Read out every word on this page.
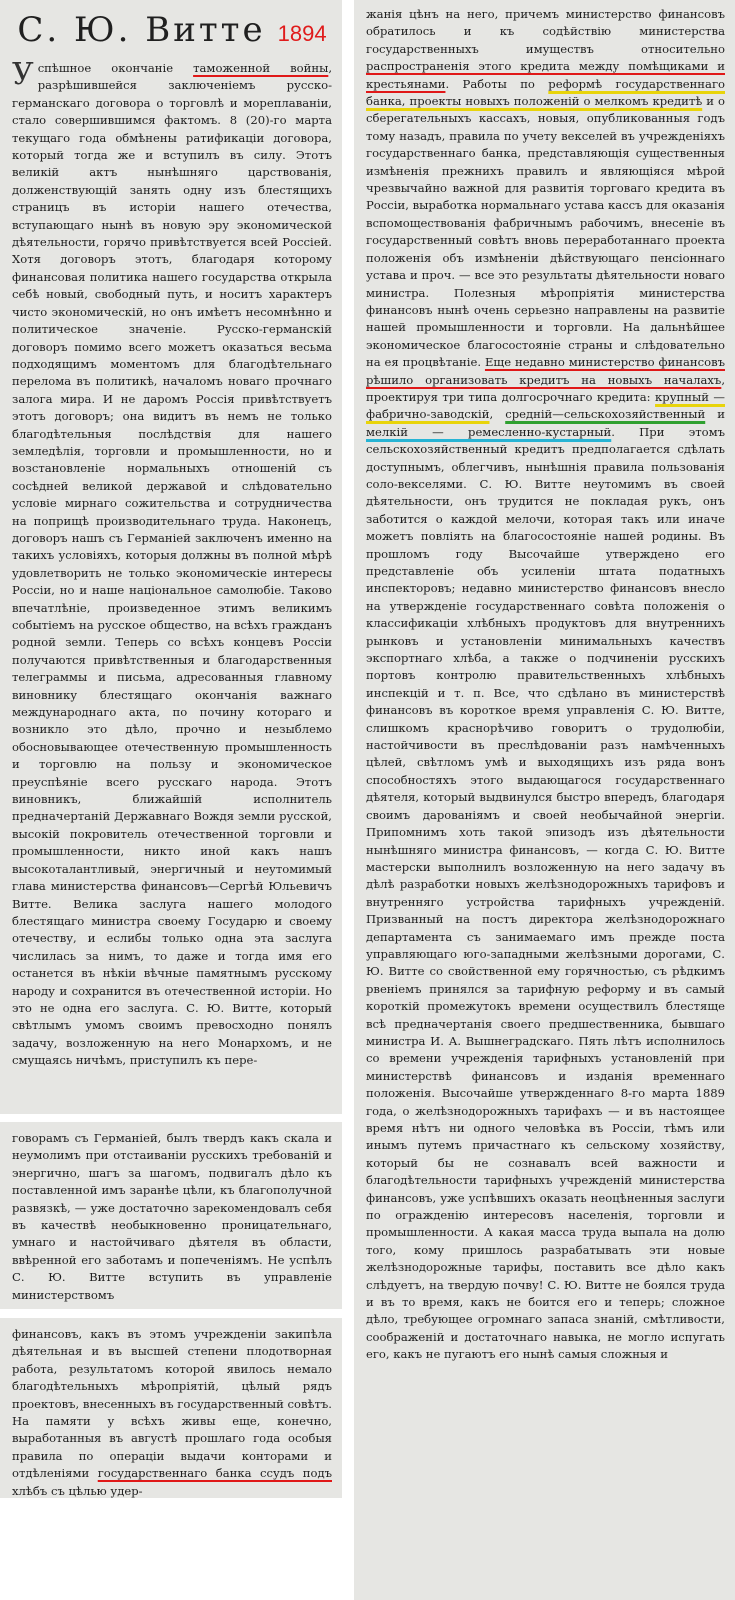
С. Ю. Витте 1894

Успѣшное окончаніе таможенной войны, разрѣшившейся заключеніемъ русско-германскаго договора о торговлѣ и мореплаваніи, стало совершившимся фактомъ. 8 (20)-го марта текущаго года обмѣнены ратификаціи договора, который тогда же и вступилъ въ силу. Этотъ великій актъ нынѣшняго царствованія, долженствующій занять одну изъ блестящихъ страницъ въ исторіи нашего отечества, вступающаго нынѣ въ новую эру экономической дѣятельности, горячо привѣтствуется всей Россіей. Хотя договоръ этотъ, благодаря которому финансовая политика нашего государства открыла себѣ новый, свободный путь, и носитъ характеръ чисто экономическій, но онъ имѣетъ несомнѣнно и политическое значеніе. Русско-германскій договоръ помимо всего можетъ оказаться весьма подходящимъ моментомъ для благодѣтельнаго перелома въ политикѣ, началомъ новаго прочнаго залога мира. И не даромъ Россія привѣтствуетъ этотъ договоръ; она видитъ въ немъ не только благодѣтельныя послѣдствія для нашего земледѣлія, торговли и промышленности, но и возстановленіе нормальныхъ отношеній съ сосѣдней великой державой и слѣдовательно условіе мирнаго сожительства и сотрудничества на поприщѣ производительнаго труда. Наконецъ, договоръ нашъ съ Германіей заключенъ именно на такихъ условіяхъ, которыя должны въ полной мѣрѣ удовлетворить не только экономическіе интересы Россіи, но и наше національное самолюбіе. Таково впечатлѣніе, произведенное этимъ великимъ событіемъ на русское общество, на всѣхъ гражданъ родной земли. Теперь со всѣхъ концевъ Россіи получаются привѣтственныя и благодарственныя телеграммы и письма, адресованныя главному виновнику блестящаго окончанія важнаго международнаго акта, по почину котораго и возникло это дѣло, прочно и незыблемо обосновывающее отечественную промышленность и торговлю на пользу и экономическое преуспѣяніе всего русскаго народа. Этотъ виновникъ, ближайшій исполнитель предначертаній Державнаго Вождя земли русской, высокій покровитель отечественной торговли и промышленности, никто иной какъ нашъ высокоталантливый, энергичный и неутомимый глава министерства финансовъ—Сергѣй Юльевичъ Витте. Велика заслуга нашего молодого блестящаго министра своему Государю и своему отечеству, и еслибы только одна эта заслуга числилась за нимъ, то даже и тогда имя его останется въ нѣкіи вѣчные памятнымъ русскому народу и сохранится въ отечественной исторіи. Но это не одна его заслуга. С. Ю. Витте, который свѣтлымъ умомъ своимъ превосходно понялъ задачу, возложенную на него Монархомъ, и не смущаясь ничѣмъ, приступилъ къ пере-

говорамъ съ Германіей, былъ твердъ какъ скала и неумолимъ при отстаиваніи русскихъ требованій и энергично, шагъ за шагомъ, подвигалъ дѣло къ поставленной имъ заранѣе цѣли, къ благополучной развязкѣ, — уже достаточно зарекомендовалъ себя въ качествѣ необыкновенно проницательнаго, умнаго и настойчиваго дѣятеля въ области, ввѣренной его заботамъ и попеченіямъ. Не успѣлъ С. Ю. Витте вступить въ управленіе министерствомъ

финансовъ, какъ въ этомъ учрежденіи закипѣла дѣятельная и въ высшей степени плодотворная работа, результатомъ которой явилось немало благодѣтельныхъ мѣропріятій, цѣлый рядъ проектовъ, внесенныхъ въ государственный совѣтъ. На памяти у всѣхъ живы еще, конечно, выработанныя въ августѣ прошлаго года особыя правила по операціи выдачи конторами и отдѣленіями государственнаго банка ссудъ подъ хлѣбъ съ цѣлью удер-

жанія цѣнъ на него, причемъ министерство финансовъ обратилось и къ содѣйствію министерства государственныхъ имуществъ относительно распространенія этого кредита между помѣщиками и крестьянами. Работы по реформѣ государственнаго банка, проекты новыхъ положеній о мелкомъ кредитѣ и о сберегательныхъ кассахъ, новыя, опубликованныя годъ тому назадъ, правила по учету векселей въ учрежденіяхъ государственнаго банка, представляющія существенныя измѣненія прежнихъ правилъ и являющіяся мѣрой чрезвычайно важной для развитія торговаго кредита въ Россіи, выработка нормальнаго устава кассъ для оказанія вспомоществованія фабричнымъ рабочимъ, внесеніе въ государственный совѣтъ вновь переработаннаго проекта положенія объ измѣненіи дѣйствующаго пенсіоннаго устава и проч. — все это результаты дѣятельности новаго министра. Полезныя мѣропріятія министерства финансовъ нынѣ очень серьезно направлены на развитіе нашей промышленности и торговли. На дальнѣйшее экономическое благосостояніе страны и слѣдовательно на ея процвѣтаніе. Еще недавно министерство финансовъ рѣшило организовать кредитъ на новыхъ началахъ, проектируя три типа долгосрочнаго кредита: крупный — фабрично-заводскій, средній—сельскохозяйственный и мелкій — ремесленно-кустарный. При этомъ сельскохозяйственный кредитъ предполагается сдѣлать доступнымъ, облегчивъ, нынѣшнія правила пользованія соло-векселями. С. Ю. Витте неутомимъ въ своей дѣятельности, онъ трудится не покладая рукъ, онъ заботится о каждой мелочи, которая такъ или иначе можетъ повліять на благосостояніе нашей родины. Въ прошломъ году Высочайше утверждено его представленіе объ усиленіи штата податныхъ инспекторовъ; недавно министерство финансовъ внесло на утвержденіе государственнаго совѣта положенія о классификаціи хлѣбныхъ продуктовъ для внутреннихъ рынковъ и установленіи минимальныхъ качествъ экспортнаго хлѣба, а также о подчиненіи русскихъ портовъ контролю правительственныхъ хлѣбныхъ инспекцій и т. п. Все, что сдѣлано въ министерствѣ финансовъ въ короткое время управленія С. Ю. Витте, слишкомъ краснорѣчиво говоритъ о трудолюбіи, настойчивости въ преслѣдованіи разъ намѣченныхъ цѣлей, свѣтломъ умѣ и выходящихъ изъ ряда вонъ способностяхъ этого выдающагося государственнаго дѣятеля, который выдвинулся быстро впередъ, благодаря своимъ дарованіямъ и своей необычайной энергіи. Припомнимъ хоть такой эпизодъ изъ дѣятельности нынѣшняго министра финансовъ, — когда С. Ю. Витте мастерски выполнилъ возложенную на него задачу въ дѣлѣ разработки новыхъ желѣзнодорожныхъ тарифовъ и внутренняго устройства тарифныхъ учрежденій. Призванный на постъ директора желѣзнодорожнаго департамента съ занимаемаго имъ прежде поста управляющаго юго-западными желѣзными дорогами, С. Ю. Витте со свойственной ему горячностью, съ рѣдкимъ рвеніемъ принялся за тарифную реформу и въ самый короткій промежутокъ времени осуществилъ блестяще всѣ предначертанія своего предшественника, бывшаго министра И. А. Вышнеградскаго. Пять лѣтъ исполнилось со времени учрежденія тарифныхъ установленій при министерствѣ финансовъ и изданія временнаго положенія. Высочайше утвержденнаго 8-го марта 1889 года, о желѣзнодорожныхъ тарифахъ — и въ настоящее время нѣтъ ни одного человѣка въ Россіи, тѣмъ или инымъ путемъ причастнаго къ сельскому хозяйству, который бы не сознавалъ всей важности и благодѣтельности тарифныхъ учрежденій министерства финансовъ, уже успѣвшихъ оказать неоцѣненныя заслуги по огражденію интересовъ населенія, торговли и промышленности. А какая масса труда выпала на долю того, кому пришлось разрабатывать эти новые желѣзнодорожные тарифы, поставить все дѣло какъ слѣдуетъ, на твердую почву! С. Ю. Витте не боялся труда и въ то время, какъ не боится его и теперь; сложное дѣло, требующее огромнаго запаса знаній, смѣтливости, соображеній и достаточнаго навыка, не могло испугать его, какъ не пугаютъ его нынѣ самыя сложныя и
